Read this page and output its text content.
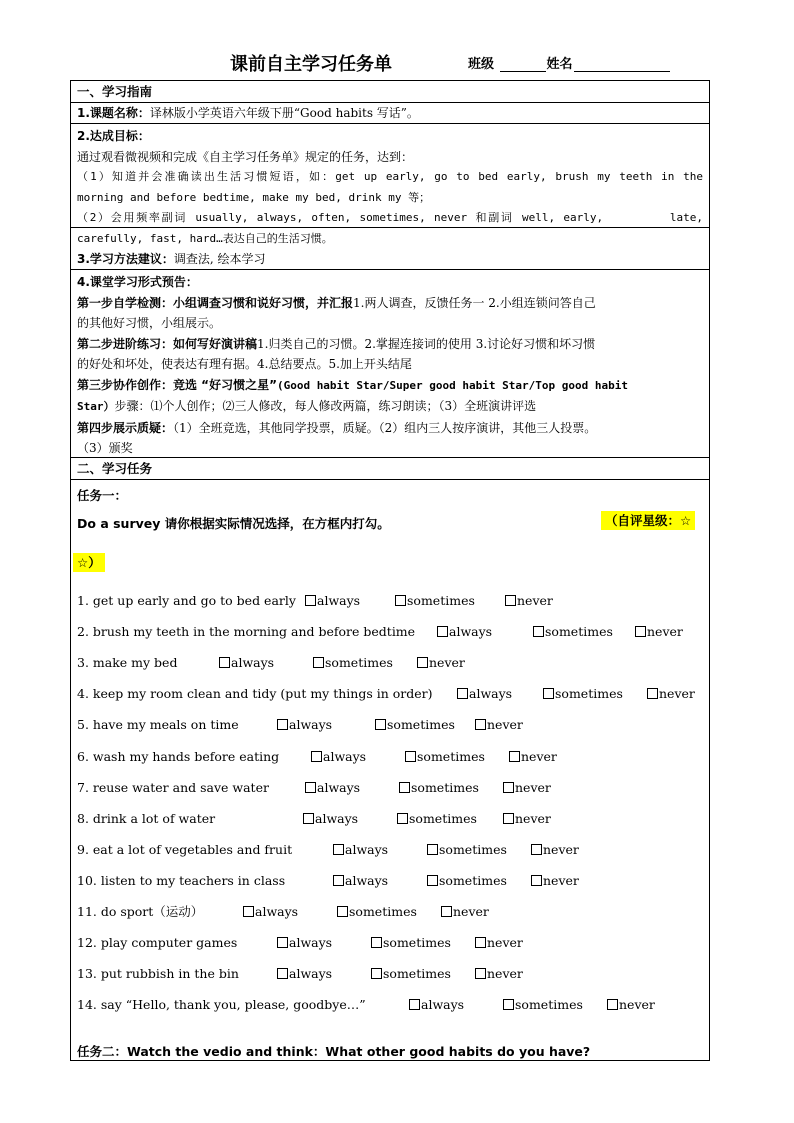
课前自主学习任务单	班级	姓名
一、学习指南
1.课题名称：译林版小学英语六年级下册“Good habits 写话”。
2.达成目标：
通过观看微视频和完成《自主学习任务单》规定的任务，达到：
（1）知道并会准确读出生活习惯短语，如：get up early, go to bed early, brush my teeth in the
morning and before bedtime, make my bed, drink my 等；
（2）会用频率副词 usually, always, often, sometimes, never 和副词 well, early,        late,
carefully, fast, hard…表达自己的生活习惯。
3.学习方法建议：调查法, 绘本学习
4.课堂学习形式预告：
第一步自学检测：小组调查习惯和说好习惯，并汇报1.两人调查，反馈任务一 2.小组连锁问答自己
的其他好习惯，小组展示。
第二步进阶练习：如何写好演讲稿1.归类自己的习惯。2.掌握连接词的使用 3.讨论好习惯和坏习惯
的好处和坏处，使表达有理有据。4.总结要点。5.加上开头结尾
第三步协作创作：竞选 “好习惯之星”(Good habit Star/Super good habit Star/Top good habit
Star）步骤：⑴个人创作；⑵三人修改，每人修改两篇，练习朗读；（3）全班演讲评选
第四步展示质疑：（1）全班竞选，其他同学投票，质疑。（2）组内三人按序演讲，其他三人投票。
（3）颁奖
二、学习任务
任务一：
Do a survey 请你根据实际情况选择，在方框内打勾。	（自评星级：☆
☆）
1. get up early and go to bed early	always	sometimes	never
2. brush my teeth in the morning and before bedtime	always	sometimes	never
3. make my bed	always	sometimes	never
4. keep my room clean and tidy (put my things in order)	always	sometimes	never
5. have my meals on time	always	sometimes	never
6. wash my hands before eating	always	sometimes	never
7. reuse water and save water	always	sometimes	never
8. drink a lot of water	always	sometimes	never
9. eat a lot of vegetables and fruit	always	sometimes	never
10. listen to my teachers in class	always	sometimes	never
11. do sport（运动）	always	sometimes	never
12. play computer games	always	sometimes	never
13. put rubbish in the bin	always	sometimes	never
14. say “Hello, thank you, please, goodbye…”	always	sometimes	never
任务二：Watch the vedio and think：What other good habits do you have?
